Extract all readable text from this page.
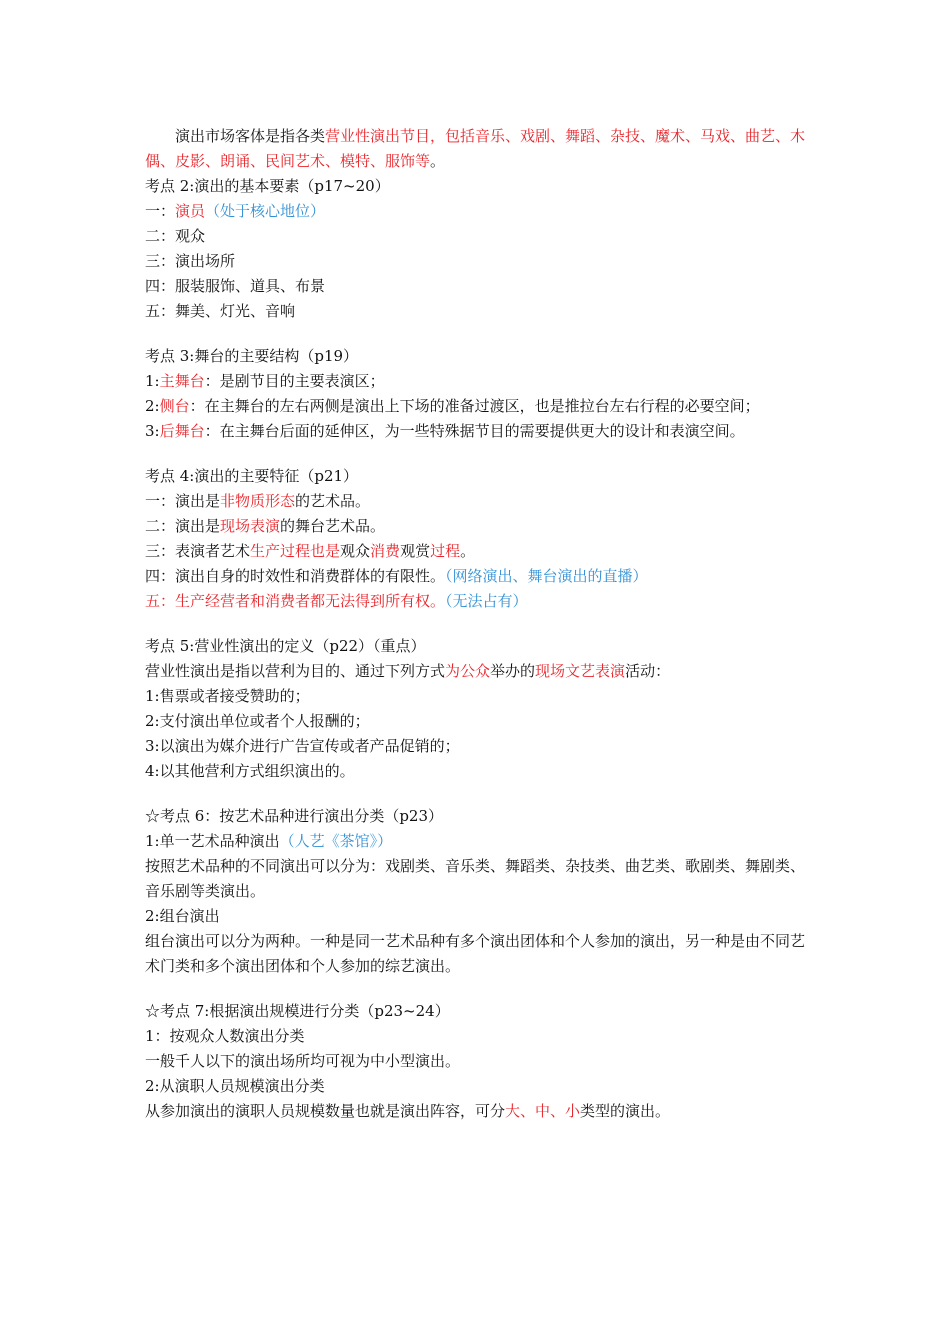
演出市场客体是指各类营业性演出节目，包括音乐、戏剧、舞蹈、杂技、魔术、马戏、曲艺、木偶、皮影、朗诵、民间艺术、模特、服饰等。
考点 2:演出的基本要素（p17~20）
一：演员（处于核心地位）
二：观众
三：演出场所
四：服装服饰、道具、布景
五：舞美、灯光、音响
考点 3:舞台的主要结构（p19）
1:主舞台：是剧节目的主要表演区；
2:侧台：在主舞台的左右两侧是演出上下场的准备过渡区，也是推拉台左右行程的必要空间；
3:后舞台：在主舞台后面的延伸区，为一些特殊据节目的需要提供更大的设计和表演空间。
考点 4:演出的主要特征（p21）
一：演出是非物质形态的艺术品。
二：演出是现场表演的舞台艺术品。
三：表演者艺术生产过程也是观众消费观赏过程。
四：演出自身的时效性和消费群体的有限性。（网络演出、舞台演出的直播）
五：生产经营者和消费者都无法得到所有权。（无法占有）
考点 5:营业性演出的定义（p22）（重点）
营业性演出是指以营利为目的、通过下列方式为公众举办的现场文艺表演活动：
1:售票或者接受赞助的；
2:支付演出单位或者个人报酬的；
3:以演出为媒介进行广告宣传或者产品促销的；
4:以其他营利方式组织演出的。
☆考点 6：按艺术品种进行演出分类（p23）
1:单一艺术品种演出（人艺《茶馆》）
按照艺术品种的不同演出可以分为：戏剧类、音乐类、舞蹈类、杂技类、曲艺类、歌剧类、舞剧类、音乐剧等类演出。
2:组台演出
组台演出可以分为两种。一种是同一艺术品种有多个演出团体和个人参加的演出，另一种是由不同艺术门类和多个演出团体和个人参加的综艺演出。
☆考点 7:根据演出规模进行分类（p23~24）
1：按观众人数演出分类
一般千人以下的演出场所均可视为中小型演出。
2:从演职人员规模演出分类
从参加演出的演职人员规模数量也就是演出阵容，可分大、中、小类型的演出。
